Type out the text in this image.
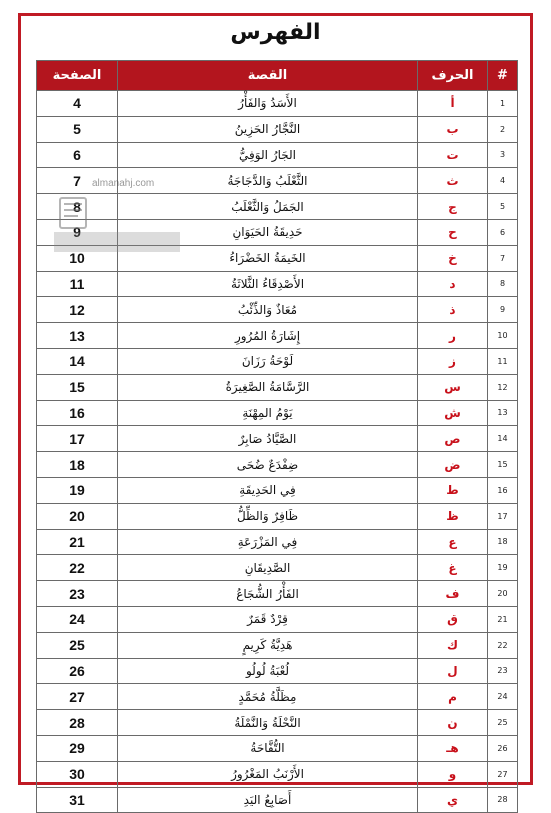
الفهرس
#	الحرف	القصة	الصفحة
1	أ	الأَسَدُ وَالفَأْرُ	4
2	ب	النَّجَّارُ الحَزِينُ	5
3	ت	الجَارُ الوَفِيُّ	6
4	ث	الثَّعْلَبُ وَالدَّجَاجَةُ	7
5	ج	الجَمَلُ وَالثَّعْلَبُ	8
6	ح	حَدِيقَةُ الحَيَوَانِ	9
7	خ	الخَيمَةُ الخَضْرَاءُ	10
8	د	الأَصْدِقَاءُ الثَّلاثَةُ	11
9	ذ	مُعَاذٌ وَالذِّئْبُ	12
10	ر	إِشَارَةُ المُرُورِ	13
11	ز	لَوْحَةُ رَزَانَ	14
12	س	الرَّسَّامَةُ الصَّغِيرَةُ	15
13	ش	يَوْمُ المِهْنَةِ	16
14	ص	الصَّيَّادُ صَابِرٌ	17
15	ض	ضِفْدَعٌ ضُحَى	18
16	ط	فِي الحَدِيقَةِ	19
17	ظ	ظَافِرٌ وَالظِّلُّ	20
18	ع	فِي المَزْرَعَةِ	21
19	غ	الصَّدِيقَانِ	22
20	ف	الفَأْرُ الشُّجَاعُ	23
21	ق	قِرْدٌ قَمَرٌ	24
22	ك	هَدِيَّةُ كَرِيمٍ	25
23	ل	لُعْبَةُ لُولُو	26
24	م	مِظَلَّةُ مُحَمَّدٍ	27
25	ن	النَّحْلَةُ وَالنَّمْلَةُ	28
26	هـ	التُّفَّاحَةُ	29
27	و	الأَرْنَبُ المَغْرُورُ	30
28	ي	أَصَابِعُ اليَدِ	31
almanahj.com
